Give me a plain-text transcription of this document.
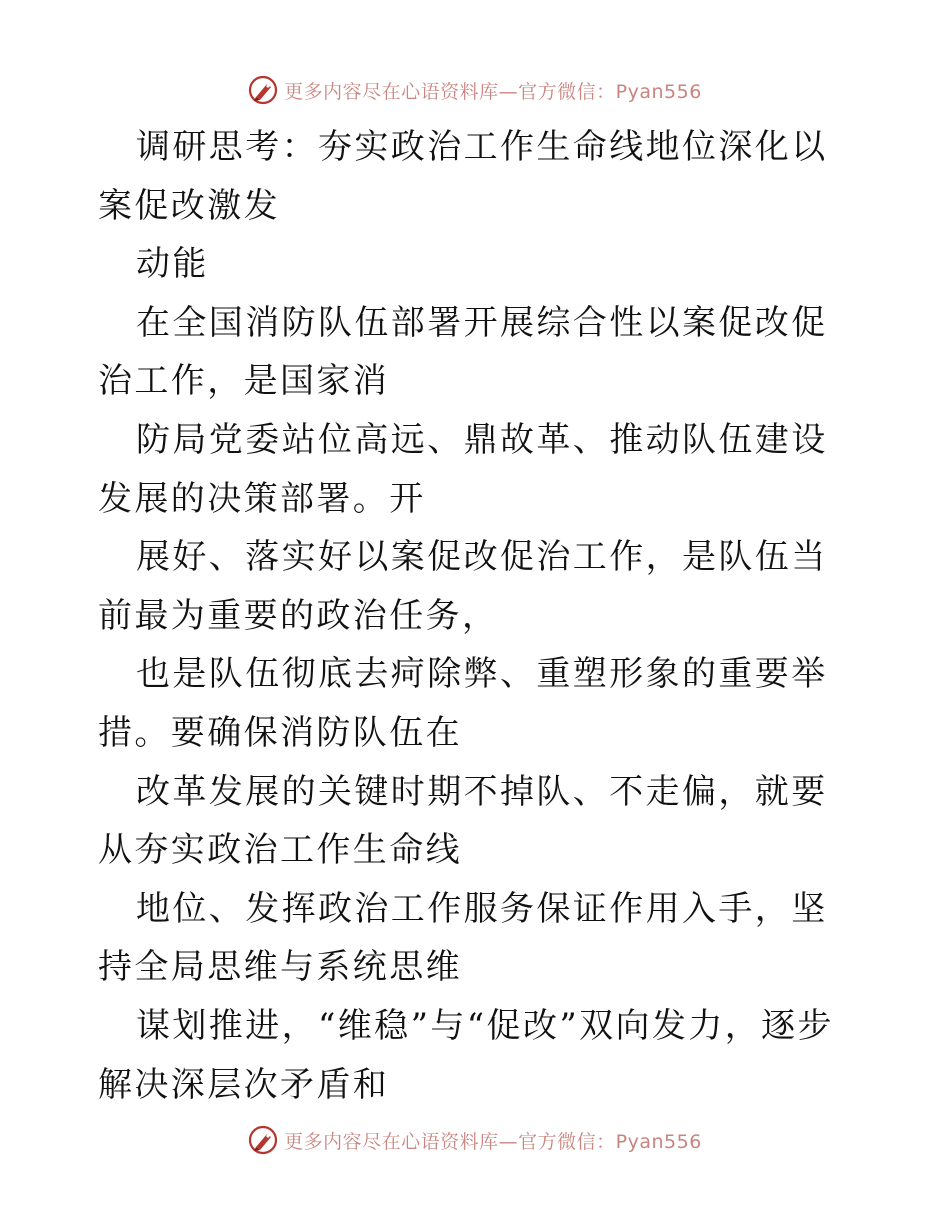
更多内容尽在心语资料库—官方微信：Pyan556

调研思考：夯实政治工作生命线地位深化以案促改激发

动能

在全国消防队伍部署开展综合性以案促改促治工作，是国家消

防局党委站位高远、鼎故革、推动队伍建设发展的决策部署。开

展好、落实好以案促改促治工作，是队伍当前最为重要的政治任务，

也是队伍彻底去疴除弊、重塑形象的重要举措。要确保消防队伍在

改革发展的关键时期不掉队、不走偏，就要从夯实政治工作生命线

地位、发挥政治工作服务保证作用入手，坚持全局思维与系统思维

谋划推进，“维稳”与“促改”双向发力，逐步解决深层次矛盾和

更多内容尽在心语资料库—官方微信：Pyan556
